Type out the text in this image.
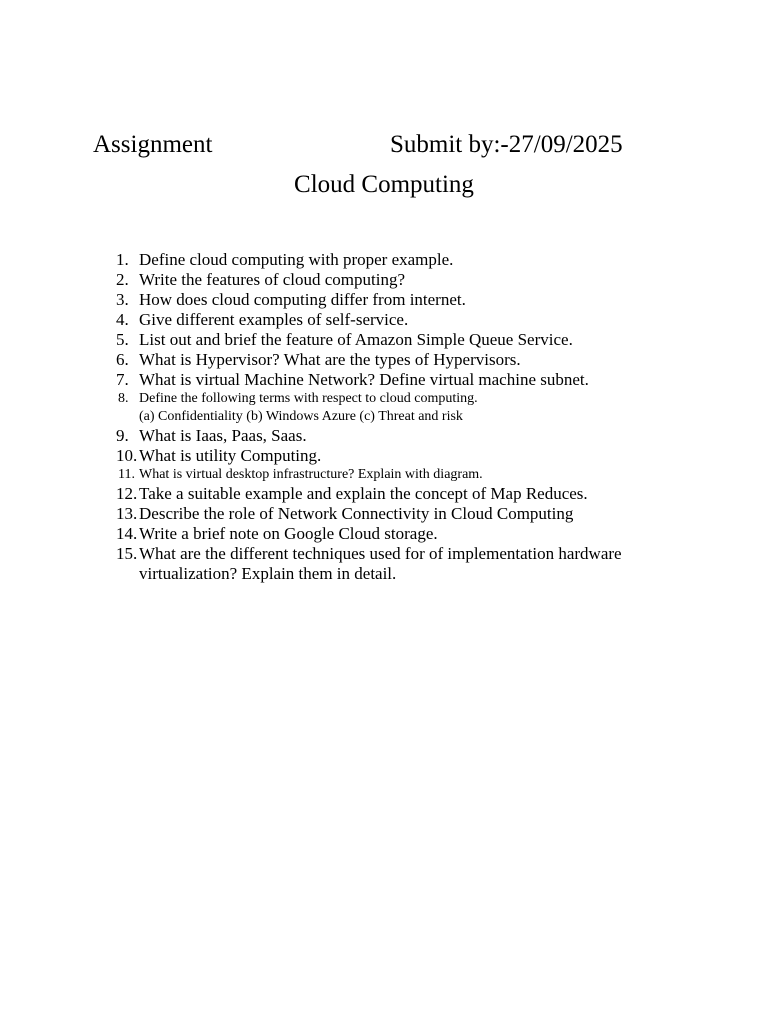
Assignment	Submit by:-27/09/2025
Cloud Computing
1. Define cloud computing with proper example.
2. Write the features of cloud computing?
3. How does cloud computing differ from internet.
4. Give different examples of self-service.
5. List out and brief the feature of Amazon Simple Queue Service.
6. What is Hypervisor? What are the types of Hypervisors.
7. What is virtual Machine Network? Define virtual machine subnet.
8. Define the following terms with respect to cloud computing.
(a) Confidentiality (b) Windows Azure (c) Threat and risk
9. What is Iaas, Paas, Saas.
10. What is utility Computing.
11. What is virtual desktop infrastructure? Explain with diagram.
12. Take a suitable example and explain the concept of Map Reduces.
13. Describe the role of Network Connectivity in Cloud Computing
14. Write a brief note on Google Cloud storage.
15. What are the different techniques used for of implementation hardware virtualization? Explain them in detail.
